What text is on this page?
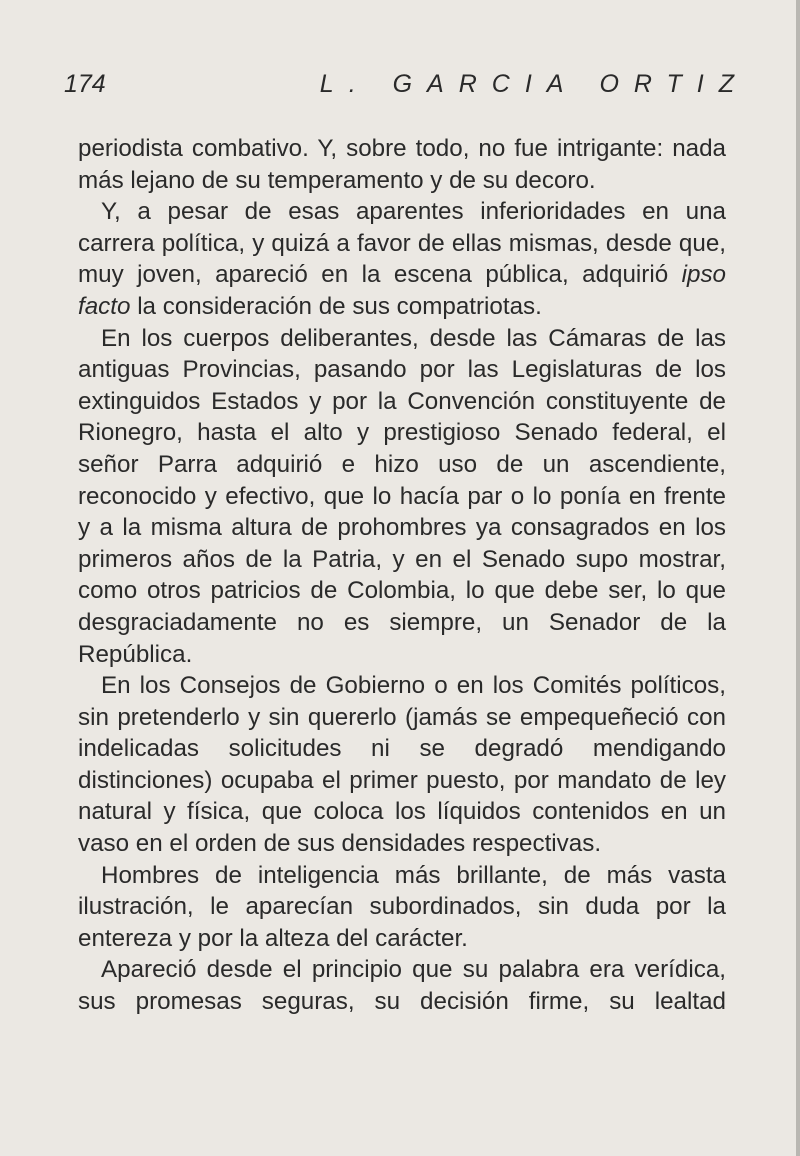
174	L. GARCIA ORTIZ

periodista combativo. Y, sobre todo, no fue intrigante: nada más lejano de su temperamento y de su decoro.

Y, a pesar de esas aparentes inferioridades en una carrera política, y quizá a favor de ellas mismas, desde que, muy joven, apareció en la escena pública, adquirió ipso facto la consideración de sus compatriotas.

En los cuerpos deliberantes, desde las Cámaras de las antiguas Provincias, pasando por las Legislaturas de los extinguidos Estados y por la Convención constituyente de Rionegro, hasta el alto y prestigioso Senado federal, el señor Parra adquirió e hizo uso de un ascendiente, reconocido y efectivo, que lo hacía par o lo ponía en frente y a la misma altura de prohombres ya consagrados en los primeros años de la Patria, y en el Senado supo mostrar, como otros patricios de Colombia, lo que debe ser, lo que desgraciadamente no es siempre, un Senador de la República.

En los Consejos de Gobierno o en los Comités políticos, sin pretenderlo y sin quererlo (jamás se empequeñeció con indelicadas solicitudes ni se degradó mendigando distinciones) ocupaba el primer puesto, por mandato de ley natural y física, que coloca los líquidos contenidos en un vaso en el orden de sus densidades respectivas.

Hombres de inteligencia más brillante, de más vasta ilustración, le aparecían subordinados, sin duda por la entereza y por la alteza del carácter.

Apareció desde el principio que su palabra era verídica, sus promesas seguras, su decisión firme, su lealtad
